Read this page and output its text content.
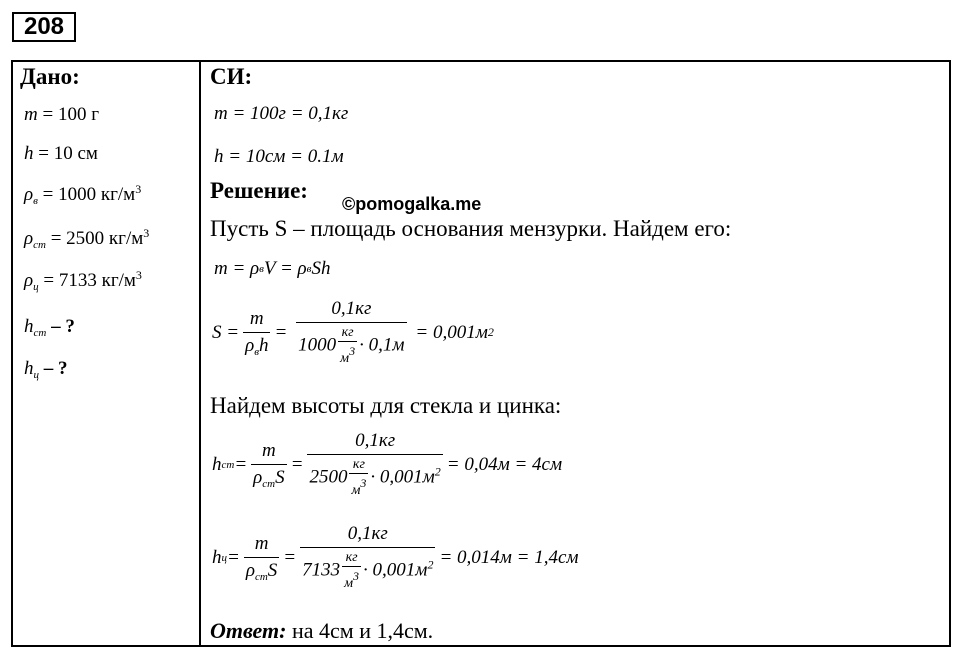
208
Дано:
m = 100 г
h = 10 см
$\rho_в = 1000$ $кг/м^3$
$\rho_{ст} = 2500$ $кг/м^3$
$\rho_ц = 7133$ $кг/м^3$
$h_{ст}$ – ?
$h_ц$ – ?
СИ:
m = 100г = 0,1кг
h = 10см = 0.1м
Решение:
©pomogalka.me
Пусть S – площадь основания мензурки. Найдем его:
m = ρ в V = ρ в Sh
$S = \frac{m}{\rho_вh} = 0,1кг$
1000
кг
$м^3 \cdot 0,1м = 0,001м$ 2
Найдем высоты для стекла и цинка:
h ст = $\frac{m}{\rho_{ст}S} = 0,1кг$
2500
кг
$м^3 \cdot 0,001м^2 = 0,04м = 4см$
h $ц = \frac{m}{\rho_{ст}S} = 0,1кг$
7133
кг
$м^3 \cdot 0,001м^2 = 0,014м = 1,4см$
Ответ: на 4см и 1,4см.
